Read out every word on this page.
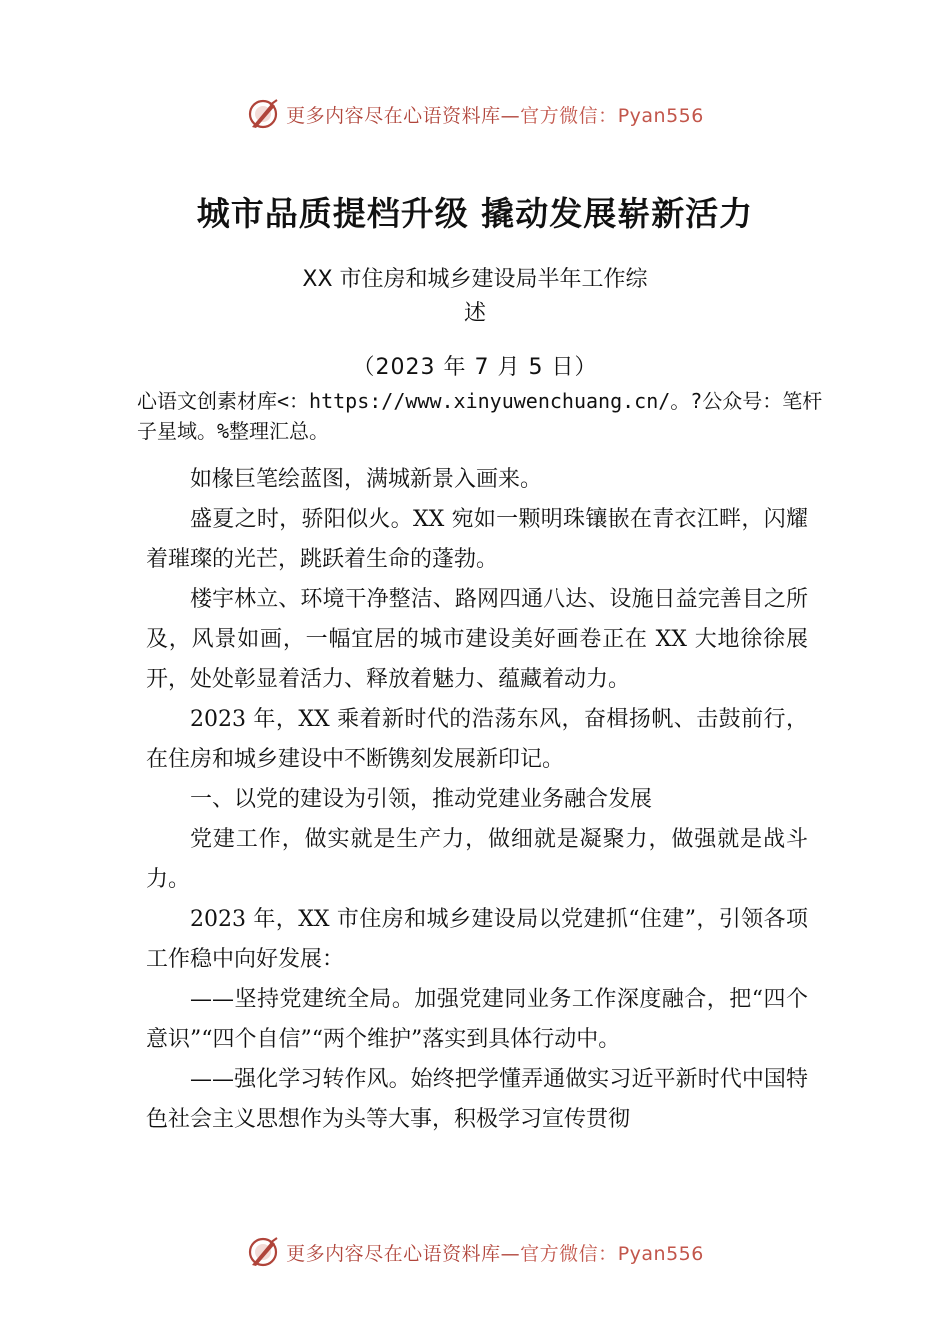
更多内容尽在心语资料库—官方微信：Pyan556
城市品质提档升级 撬动发展崭新活力
XX 市住房和城乡建设局半年工作综
述
（2023 年 7 月 5 日）
心语文创素材库<：https://www.xinyuwenchuang.cn/。?公众号：笔杆子星域。%整理汇总。

如椽巨笔绘蓝图，满城新景入画来。

盛夏之时，骄阳似火。XX 宛如一颗明珠镶嵌在青衣江畔，闪耀着璀璨的光芒，跳跃着生命的蓬勃。

楼宇林立、环境干净整洁、路网四通八达、设施日益完善目之所及，风景如画，一幅宜居的城市建设美好画卷正在 XX 大地徐徐展开，处处彰显着活力、释放着魅力、蕴藏着动力。

2023 年，XX 乘着新时代的浩荡东风，奋楫扬帆、击鼓前行，在住房和城乡建设中不断镌刻发展新印记。

一、以党的建设为引领，推动党建业务融合发展

党建工作，做实就是生产力，做细就是凝聚力，做强就是战斗力。

2023 年，XX 市住房和城乡建设局以党建抓“住建”，引领各项工作稳中向好发展：

——坚持党建统全局。加强党建同业务工作深度融合，把“四个意识”“四个自信”“两个维护”落实到具体行动中。

——强化学习转作风。始终把学懂弄通做实习近平新时代中国特色社会主义思想作为头等大事，积极学习宣传贯彻

更多内容尽在心语资料库—官方微信：Pyan556
